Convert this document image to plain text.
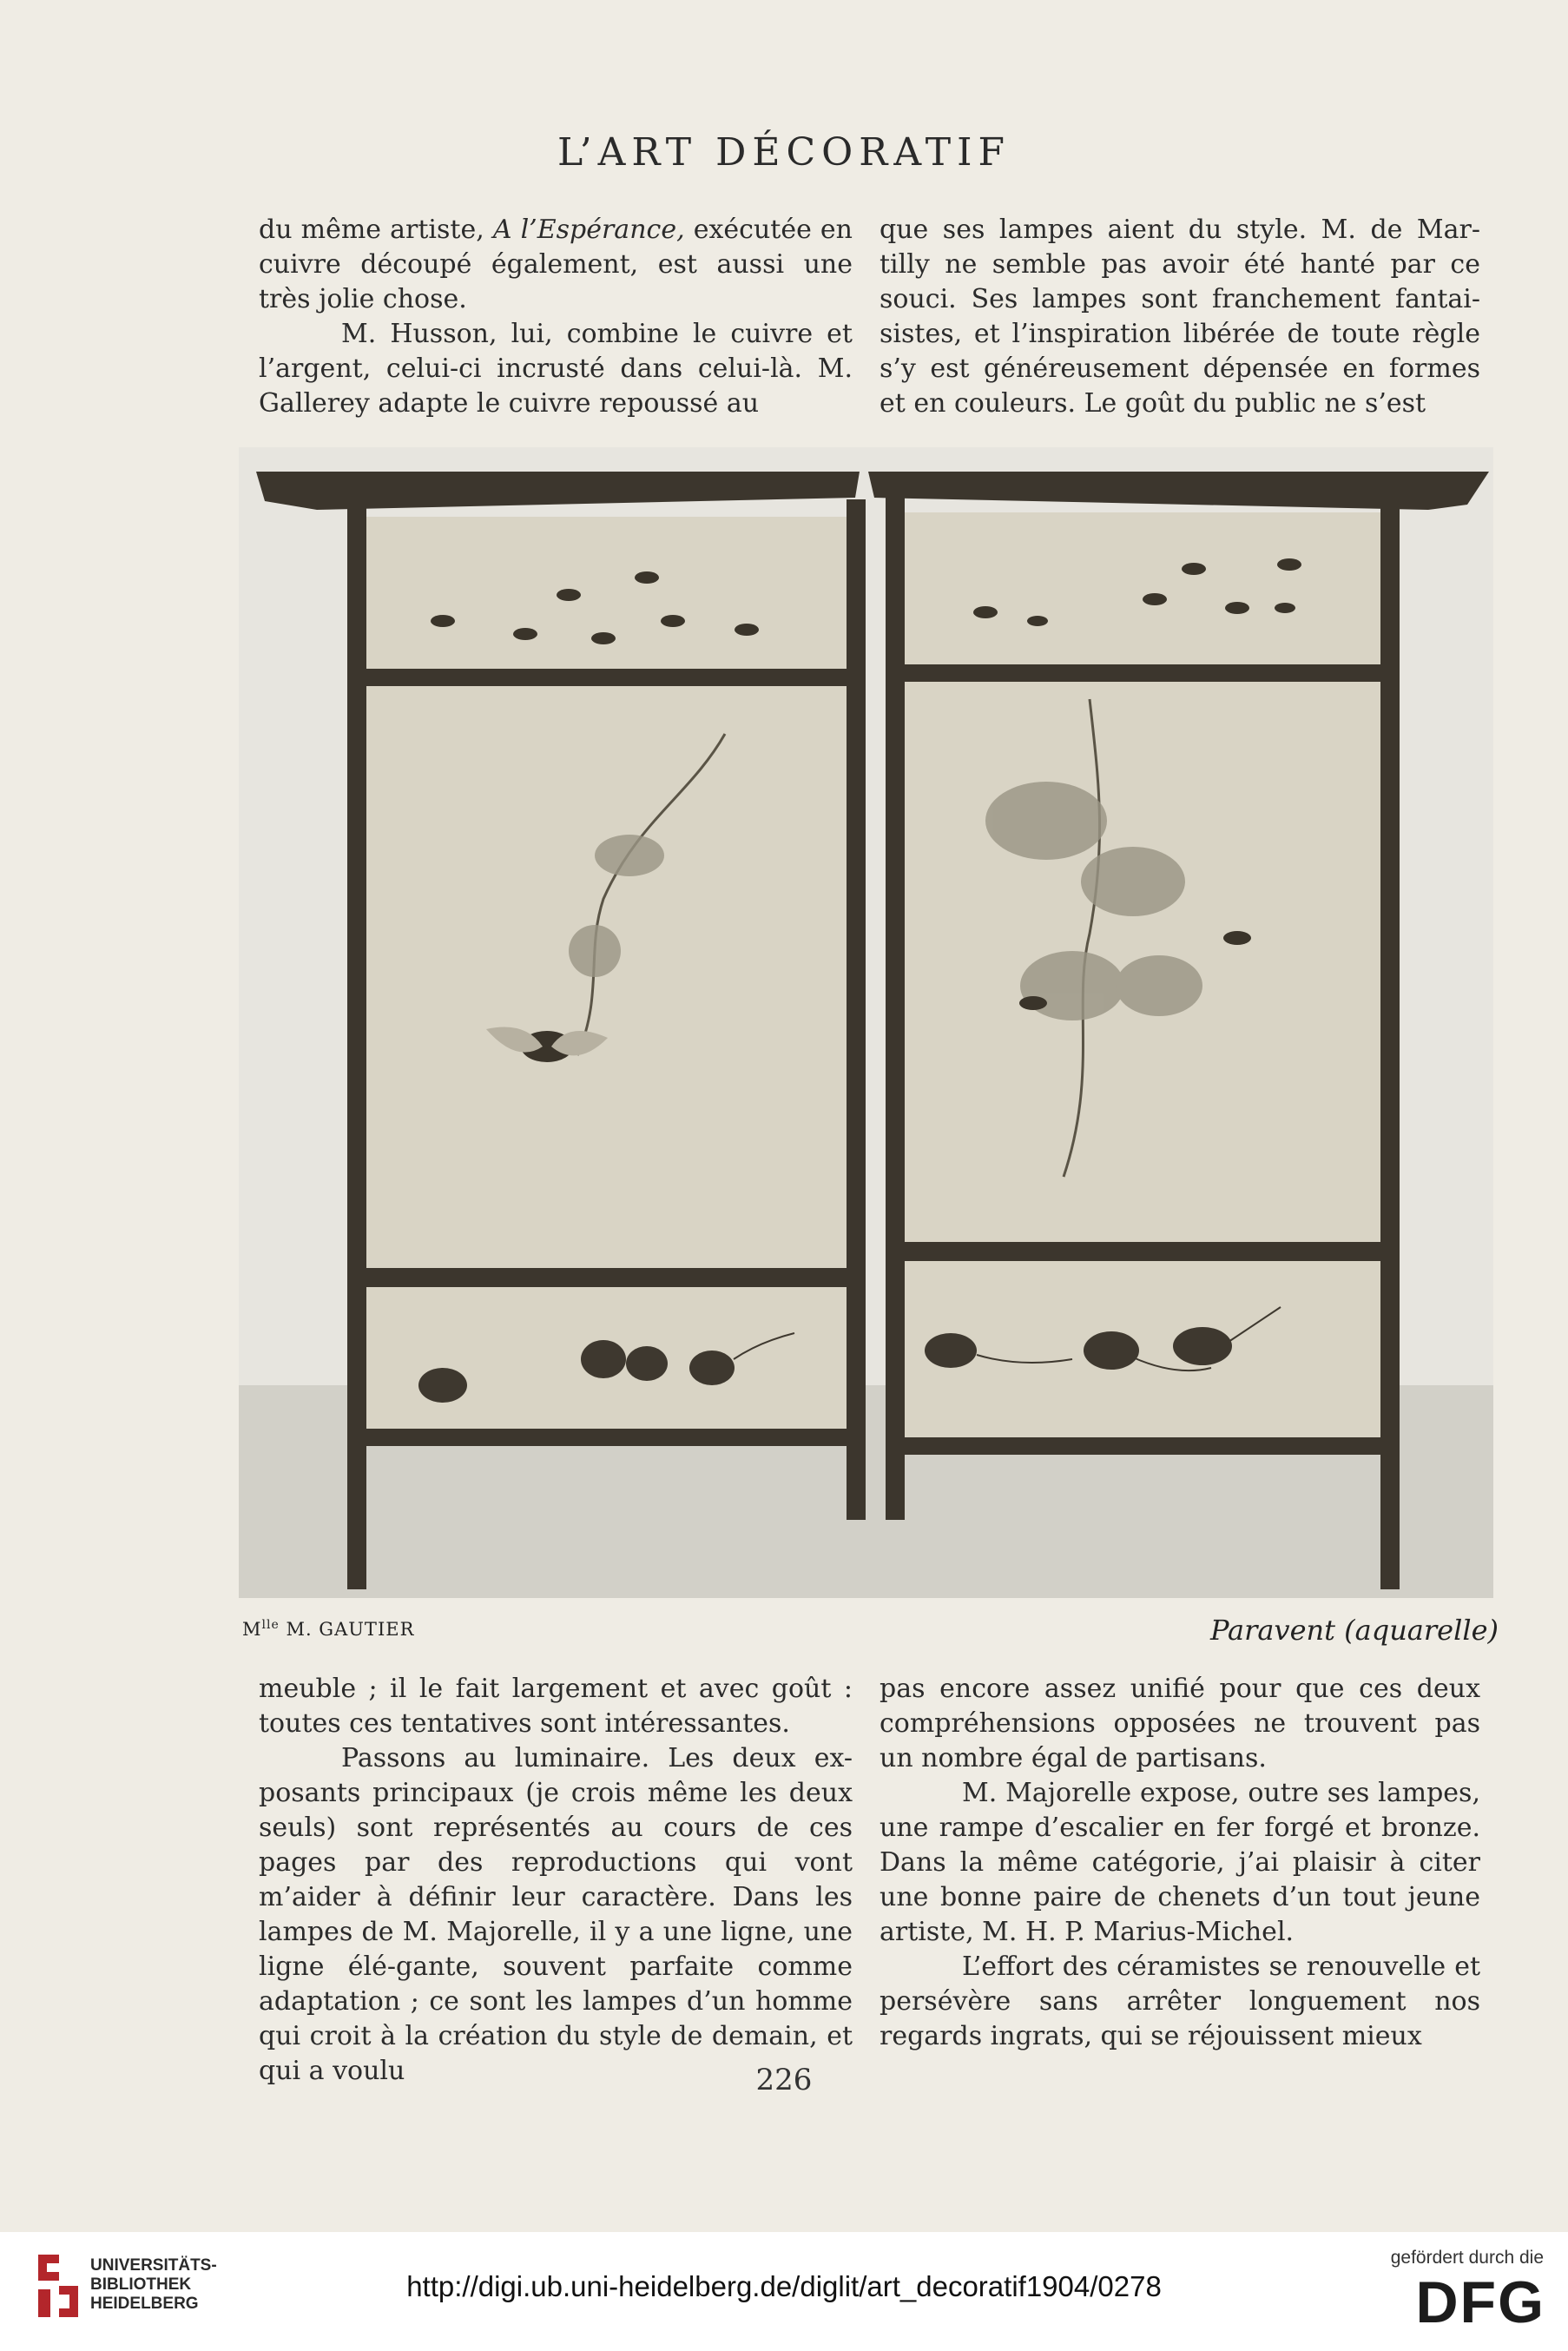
L’ART DÉCORATIF

du même artiste, A l’Espérance, exécutée en cuivre découpé également, est aussi une très jolie chose.

M. Husson, lui, combine le cuivre et l’argent, celui-ci incrusté dans celui-là. M. Gallerey adapte le cuivre repoussé au

que ses lampes aient du style. M. de Mar-tilly ne semble pas avoir été hanté par ce souci. Ses lampes sont franchement fantai-sistes, et l’inspiration libérée de toute règle s’y est généreusement dépensée en formes et en couleurs. Le goût du public ne s’est

$M^{lle}$ M. GAUTIER	Paravent (aquarelle)

meuble ; il le fait largement et avec goût : toutes ces tentatives sont intéressantes.

Passons au luminaire. Les deux ex-posants principaux (je crois même les deux seuls) sont représentés au cours de ces pages par des reproductions qui vont m’aider à définir leur caractère. Dans les lampes de M. Majorelle, il y a une ligne, une ligne élé-gante, souvent parfaite comme adaptation ; ce sont les lampes d’un homme qui croit à la création du style de demain, et qui a voulu

pas encore assez unifié pour que ces deux compréhensions opposées ne trouvent pas un nombre égal de partisans.

M. Majorelle expose, outre ses lampes, une rampe d’escalier en fer forgé et bronze. Dans la même catégorie, j’ai plaisir à citer une bonne paire de chenets d’un tout jeune artiste, M. H. P. Marius-Michel.

L’effort des céramistes se renouvelle et persévère sans arrêter longuement nos regards ingrats, qui se réjouissent mieux

226
UNIVERSITÄTS-
BIBLIOTHEK
HEIDELBERG
http://digi.ub.uni-heidelberg.de/diglit/art_decoratif1904/0278
gefördert durch die
DFG
